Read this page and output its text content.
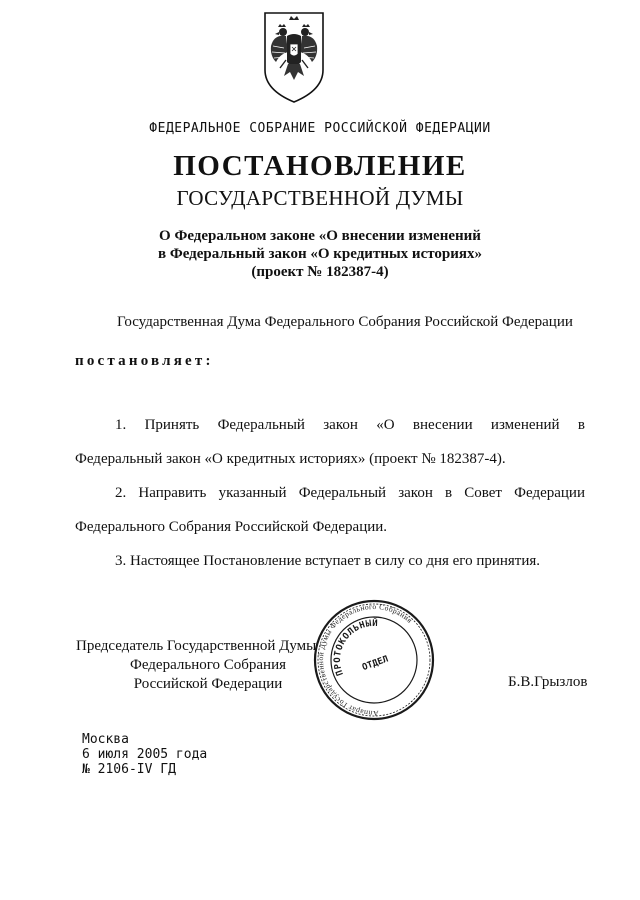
ФЕДЕРАЛЬНОЕ СОБРАНИЕ РОССИЙСКОЙ ФЕДЕРАЦИИ
ПОСТАНОВЛЕНИЕ
ГОСУДАРСТВЕННОЙ ДУМЫ
О Федеральном законе «О внесении изменений
в Федеральный закон «О кредитных историях»
(проект № 182387-4)
Государственная Дума Федерального Собрания Российской Федерации
постановляет:
1. Принять Федеральный закон «О внесении изменений в
Федеральный закон «О кредитных историях» (проект № 182387-4).
2. Направить указанный Федеральный закон в Совет Федерации
Федерального Собрания Российской Федерации.
3. Настоящее Постановление вступает в силу со дня его принятия.
Председатель Государственной Думы
Федерального Собрания
Российской Федерации	Б.В.Грызлов
Аппарат Государственной Думы Федерального Собрания
ПРОТОКОЛЬНЫЙ
ОТДЕЛ
Москва
6 июля 2005 года
№ 2106-IV ГД
